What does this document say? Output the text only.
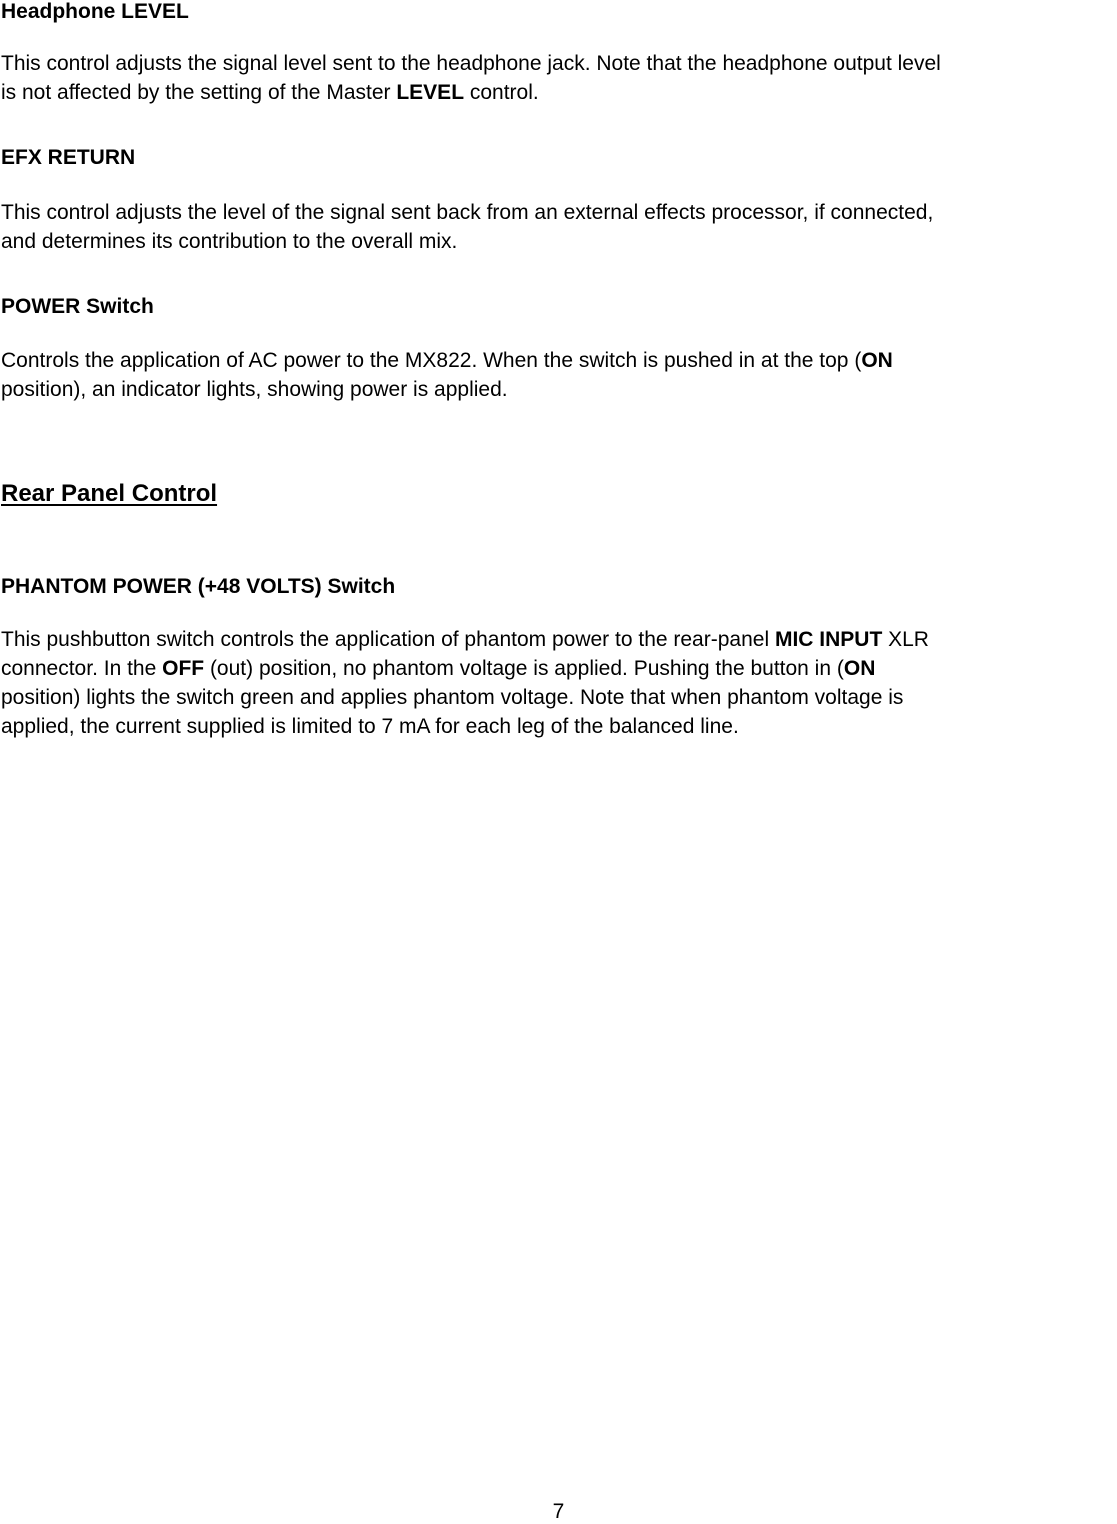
Headphone LEVEL

This control adjusts the signal level sent to the headphone jack. Note that the headphone output level
is not affected by the setting of the Master LEVEL control.

EFX RETURN

This control adjusts the level of the signal sent back from an external effects processor, if connected,
and determines its contribution to the overall mix.

POWER Switch

Controls the application of AC power to the MX822. When the switch is pushed in at the top (ON
position), an indicator lights, showing power is applied.

Rear Panel Control
PHANTOM POWER (+48 VOLTS) Switch

This pushbutton switch controls the application of phantom power to the rear-panel MIC INPUT XLR
connector. In the OFF (out) position, no phantom voltage is applied. Pushing the button in (ON
position) lights the switch green and applies phantom voltage. Note that when phantom voltage is
applied, the current supplied is limited to 7 mA for each leg of the balanced line.

7
